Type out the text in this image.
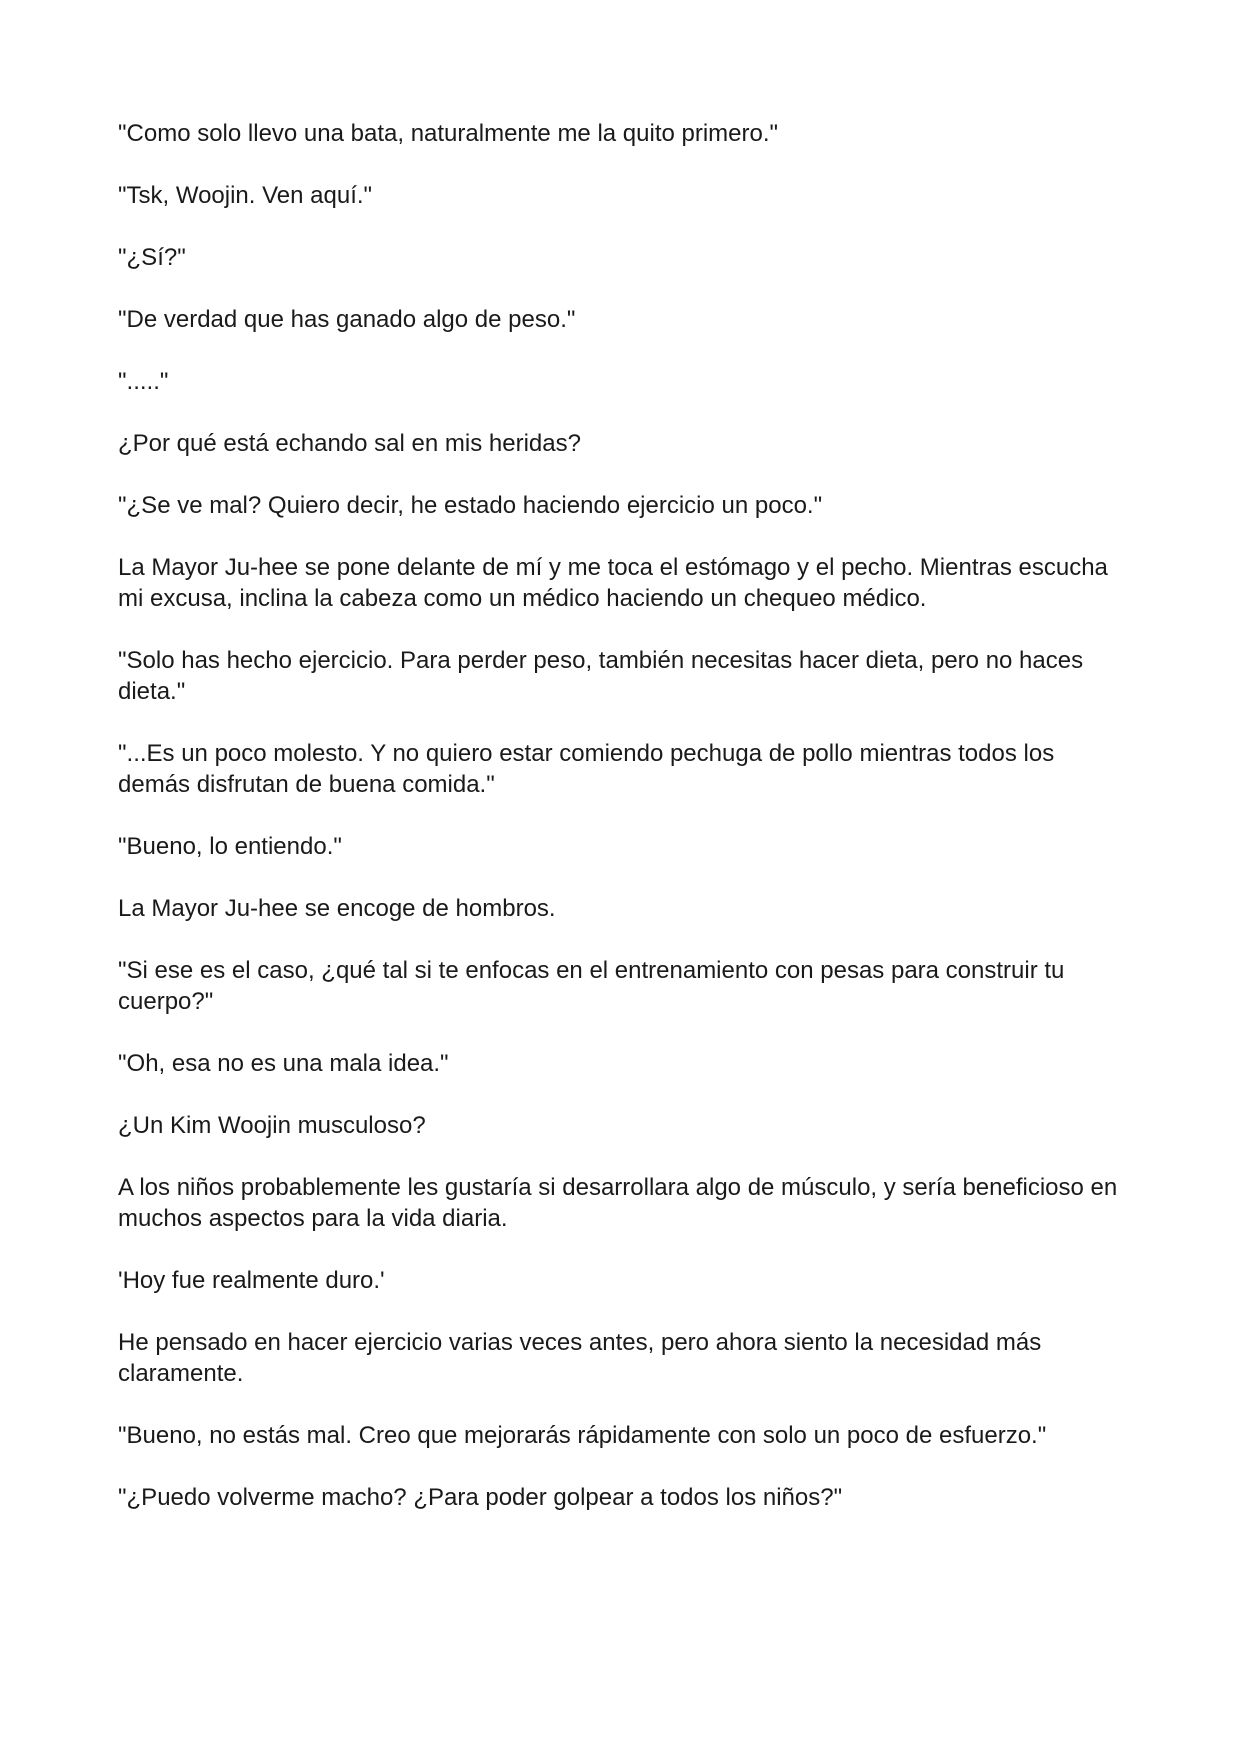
"Como solo llevo una bata, naturalmente me la quito primero."

"Tsk, Woojin. Ven aquí."

"¿Sí?"

"De verdad que has ganado algo de peso."

"....."

¿Por qué está echando sal en mis heridas?

"¿Se ve mal? Quiero decir, he estado haciendo ejercicio un poco."

La Mayor Ju-hee se pone delante de mí y me toca el estómago y el pecho. Mientras escucha mi excusa, inclina la cabeza como un médico haciendo un chequeo médico.

"Solo has hecho ejercicio. Para perder peso, también necesitas hacer dieta, pero no haces dieta."

"...Es un poco molesto. Y no quiero estar comiendo pechuga de pollo mientras todos los demás disfrutan de buena comida."

"Bueno, lo entiendo."

La Mayor Ju-hee se encoge de hombros.

"Si ese es el caso, ¿qué tal si te enfocas en el entrenamiento con pesas para construir tu cuerpo?"

"Oh, esa no es una mala idea."

¿Un Kim Woojin musculoso?

A los niños probablemente les gustaría si desarrollara algo de músculo, y sería beneficioso en muchos aspectos para la vida diaria.

'Hoy fue realmente duro.'

He pensado en hacer ejercicio varias veces antes, pero ahora siento la necesidad más claramente.

"Bueno, no estás mal. Creo que mejorarás rápidamente con solo un poco de esfuerzo."

"¿Puedo volverme macho? ¿Para poder golpear a todos los niños?"
